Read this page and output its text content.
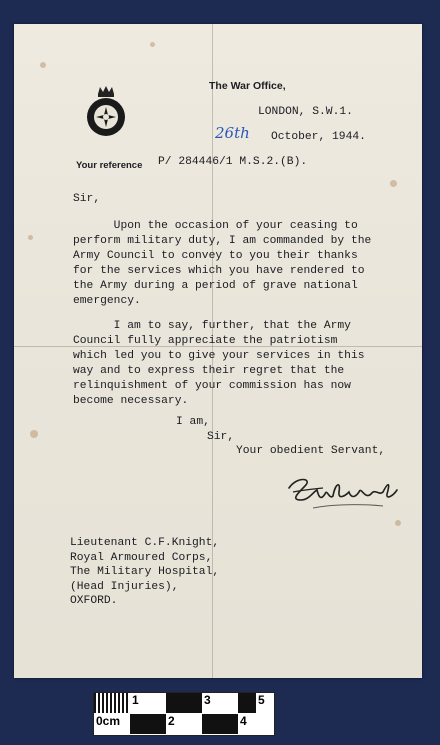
The War Office,
LONDON, S.W.1.
26th October, 1944.
Your reference P/ 284446/1 M.S.2.(B).
Sir,
Upon the occasion of your ceasing to
perform military duty, I am commanded by the
Army Council to convey to you their thanks
for the services which you have rendered to
the Army during a period of grave national
emergency.
I am to say, further, that the Army
Council fully appreciate the patriotism
which led you to give your services in this
way and to express their regret that the
relinquishment of your commission has now
become necessary.
I am,
Sir,
Your obedient Servant,
Lieutenant C.F.Knight,
Royal Armoured Corps,
The Military Hospital,
(Head Injuries),
OXFORD.
1	3	5
0cm	2	4
